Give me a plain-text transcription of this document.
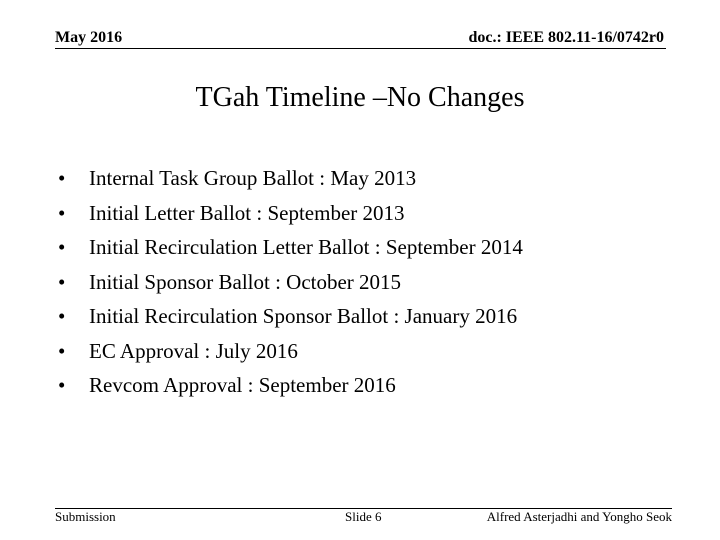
May 2016	doc.: IEEE 802.11-16/0742r0
TGah Timeline –No Changes
• Internal Task Group Ballot : May 2013
• Initial Letter Ballot : September 2013
• Initial Recirculation Letter Ballot : September 2014
• Initial Sponsor Ballot : October 2015
• Initial Recirculation Sponsor Ballot : January 2016
• EC Approval : July 2016
• Revcom Approval : September 2016
Submission	Slide 6	Alfred Asterjadhi and Yongho Seok
